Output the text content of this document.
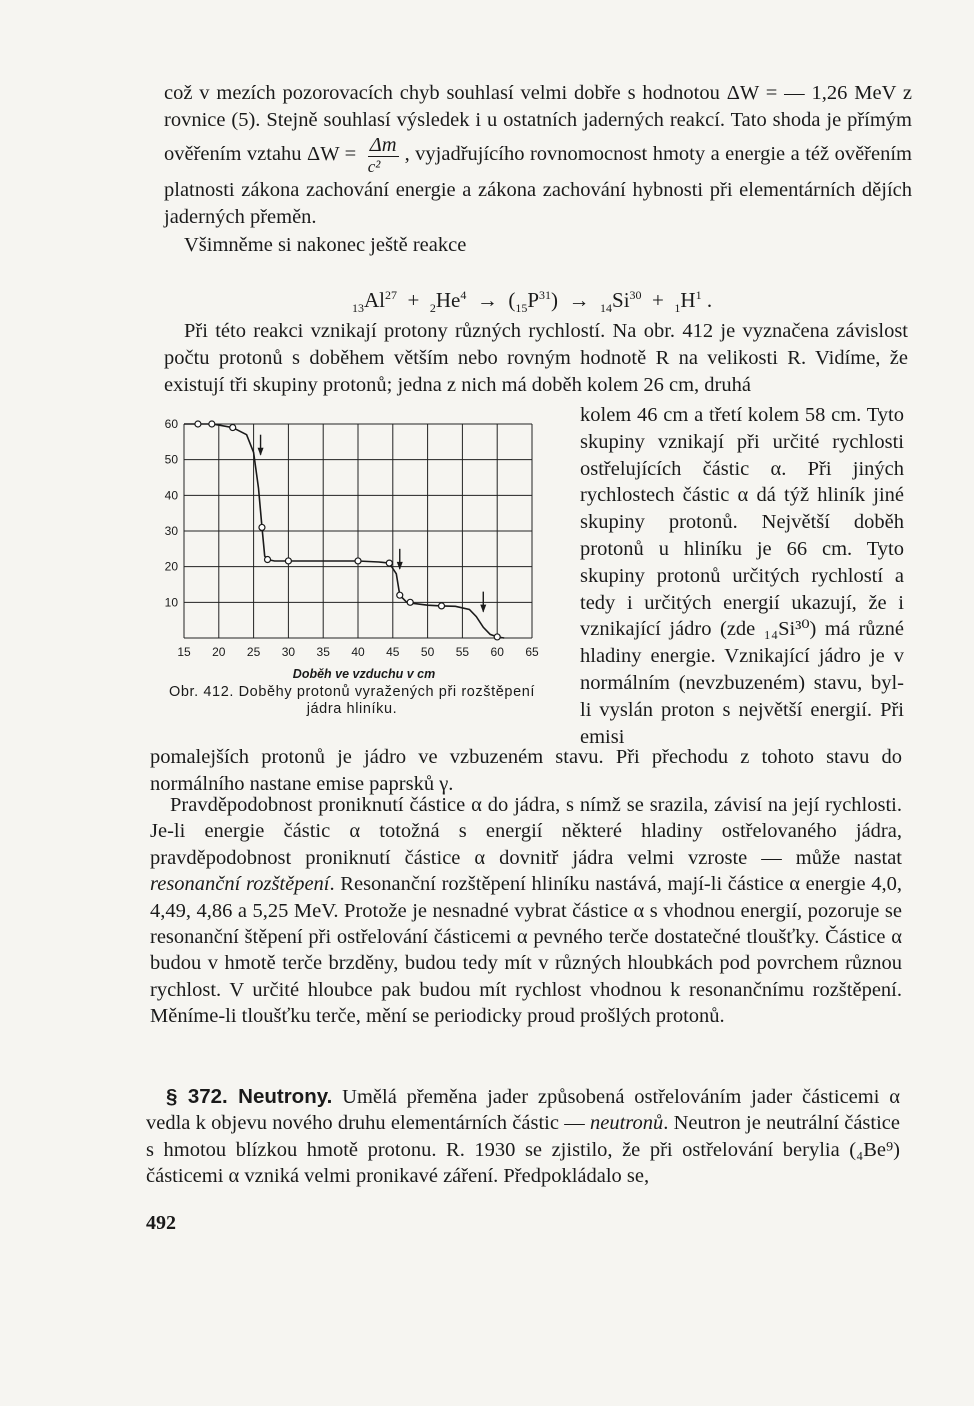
což v mezích pozorovacích chyb souhlasí velmi dobře s hodnotou ΔW = — 1,26 MeV z rovnice (5). Stejně souhlasí výsledek i u ostatních jaderných reakcí. Tato shoda je přímým ověřením vztahu $\Delta W = \frac{\Delta m}{\text{c²}}$ , vyjadřujícího rovnomocnost hmoty a energie a též ověřením platnosti zákona zachování energie a zákona zachování hybnosti při elementárních dějích jaderných přeměn.
Všimněme si nakonec ještě reakce
$_{13}Al^{27} + _2He^4 \to (_{15}P^{31}) \to _{14}Si^{30} + _1H^1$ .
Při této reakci vznikají protony různých rychlostí. Na obr. 412 je vyznačena závislost počtu protonů s doběhem větším nebo rovným hodnotě R na velikosti R. Vidíme, že existují tři skupiny protonů; jedna z nich má doběh kolem 26 cm, druhá
kolem 46 cm a třetí kolem 58 cm. Tyto skupiny vznikají při určité rychlosti ostřelujících částic α. Při jiných rychlostech částic α dá týž hliník jiné skupiny protonů. Největší doběh protonů u hliníku je 66 cm. Tyto skupiny protonů určitých rychlostí a tedy i určitých energií ukazují, že i vznikající jádro (zde ₁₄Si³⁰) má různé hladiny energie. Vznikající jádro je v normálním (nevzbuzeném) stavu, byl-li vyslán proton s největší energií. Při emisi
pomalejších protonů je jádro ve vzbuzeném stavu. Při přechodu z tohoto stavu do normálního nastane emise paprsků γ.
Pravděpodobnost proniknutí částice α do jádra, s nímž se srazila, závisí na její rychlosti. Je-li energie částic α totožná s energií některé hladiny ostřelovaného jádra, pravděpodobnost proniknutí částice α dovnitř jádra velmi vzroste — může nastat resonanční rozštěpení. Resonanční rozštěpení hliníku nastává, mají-li částice α energie 4,0, 4,49, 4,86 a 5,25 MeV. Protože je nesnadné vybrat částice α s vhodnou energií, pozoruje se resonanční štěpení při ostřelování částicemi α pevného terče dostatečné tloušťky. Částice α budou v hmotě terče brzděny, budou tedy mít v různých hloubkách pod povrchem různou rychlost. V určité hloubce pak budou mít rychlost vhodnou k resonančnímu rozštěpení. Měníme-li tloušťku terče, mění se periodicky proud prošlých protonů.
§ 372. Neutrony. Umělá přeměna jader způsobená ostřelováním jader částicemi α vedla k objevu nového druhu elementárních částic — neutronů. Neutron je neutrální částice s hmotou blízkou hmotě protonu. R. 1930 se zjistilo, že při ostřelování berylia (₄Be⁹) částicemi α vzniká velmi pronikavé záření. Předpokládalo se,
10
20
30
40
50
60
15 20 25 30 35 40 45 50 55 60 65
Doběh ve vzduchu v cm
Obr. 412. Doběhy protonů vyražených při rozštěpení jádra hliníku.
492
